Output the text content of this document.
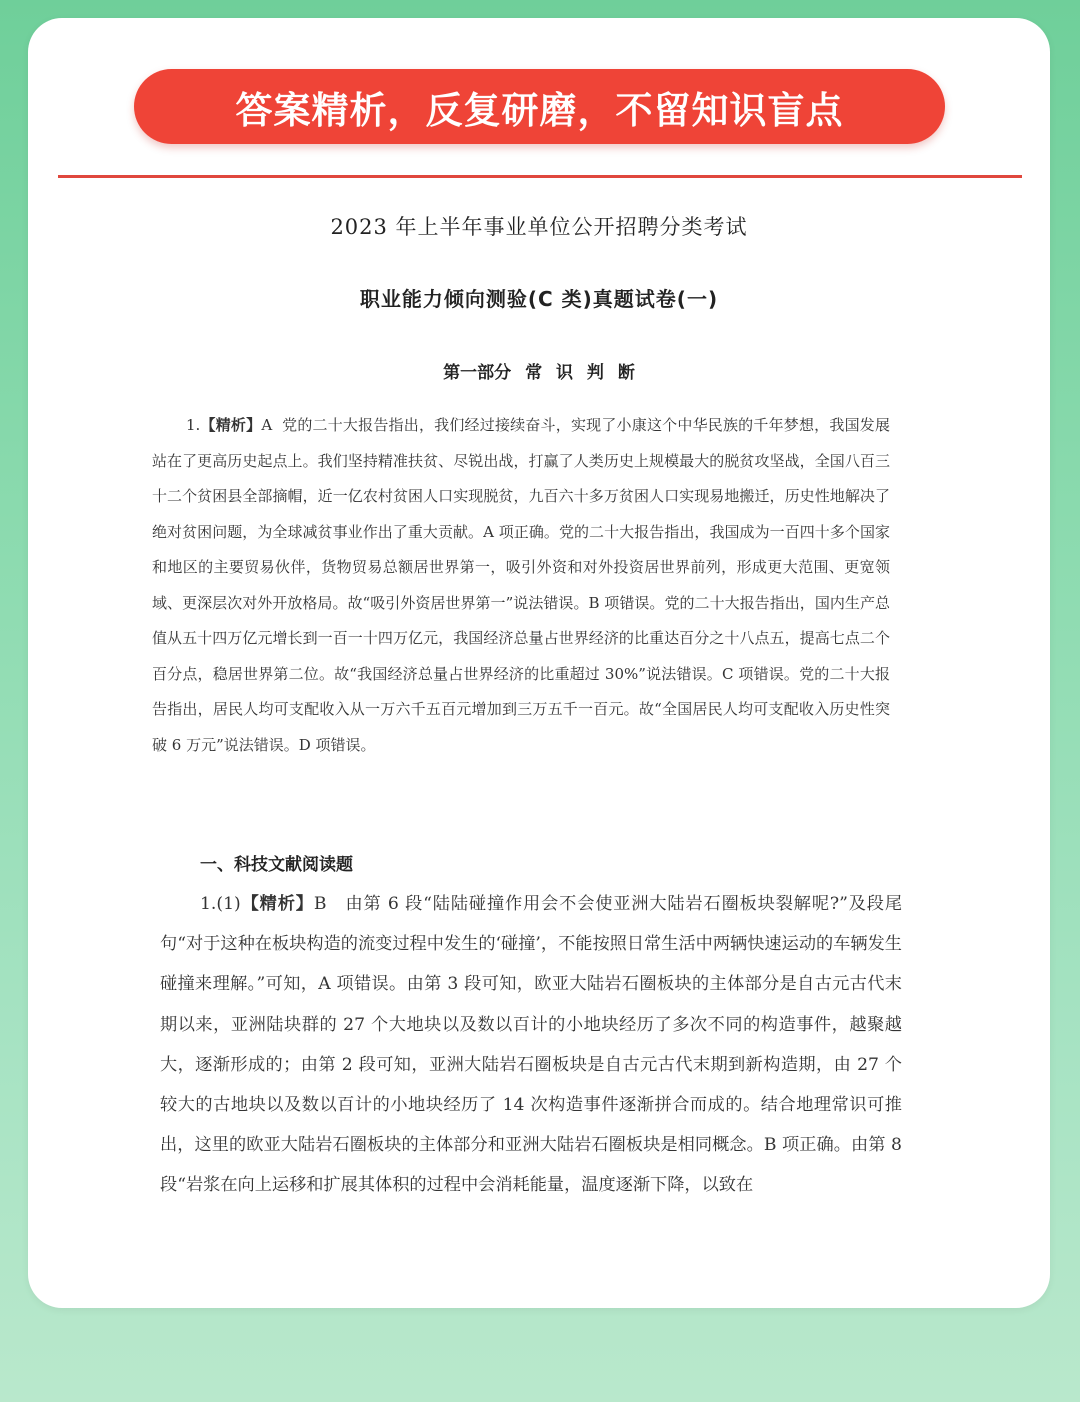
答案精析，反复研磨，不留知识盲点
2023 年上半年事业单位公开招聘分类考试
职业能力倾向测验(C 类)真题试卷(一)
第一部分 常 识 判 断
1.【精析】A 党的二十大报告指出，我们经过接续奋斗，实现了小康这个中华民族的千年梦想，我国发展站在了更高历史起点上。我们坚持精准扶贫、尽锐出战，打赢了人类历史上规模最大的脱贫攻坚战，全国八百三十二个贫困县全部摘帽，近一亿农村贫困人口实现脱贫，九百六十多万贫困人口实现易地搬迁，历史性地解决了绝对贫困问题，为全球减贫事业作出了重大贡献。A 项正确。党的二十大报告指出，我国成为一百四十多个国家和地区的主要贸易伙伴，货物贸易总额居世界第一，吸引外资和对外投资居世界前列，形成更大范围、更宽领域、更深层次对外开放格局。故“吸引外资居世界第一”说法错误。B 项错误。党的二十大报告指出，国内生产总值从五十四万亿元增长到一百一十四万亿元，我国经济总量占世界经济的比重达百分之十八点五，提高七点二个百分点，稳居世界第二位。故“我国经济总量占世界经济的比重超过 30%”说法错误。C 项错误。党的二十大报告指出，居民人均可支配收入从一万六千五百元增加到三万五千一百元。故“全国居民人均可支配收入历史性突破 6 万元”说法错误。D 项错误。
一、科技文献阅读题
1.(1)【精析】B 由第 6 段“陆陆碰撞作用会不会使亚洲大陆岩石圈板块裂解呢?”及段尾句“对于这种在板块构造的流变过程中发生的‘碰撞’，不能按照日常生活中两辆快速运动的车辆发生碰撞来理解。”可知，A 项错误。由第 3 段可知，欧亚大陆岩石圈板块的主体部分是自古元古代末期以来，亚洲陆块群的 27 个大地块以及数以百计的小地块经历了多次不同的构造事件，越聚越大，逐渐形成的；由第 2 段可知，亚洲大陆岩石圈板块是自古元古代末期到新构造期，由 27 个较大的古地块以及数以百计的小地块经历了 14 次构造事件逐渐拼合而成的。结合地理常识可推出，这里的欧亚大陆岩石圈板块的主体部分和亚洲大陆岩石圈板块是相同概念。B 项正确。由第 8 段“岩浆在向上运移和扩展其体积的过程中会消耗能量，温度逐渐下降，以致在
